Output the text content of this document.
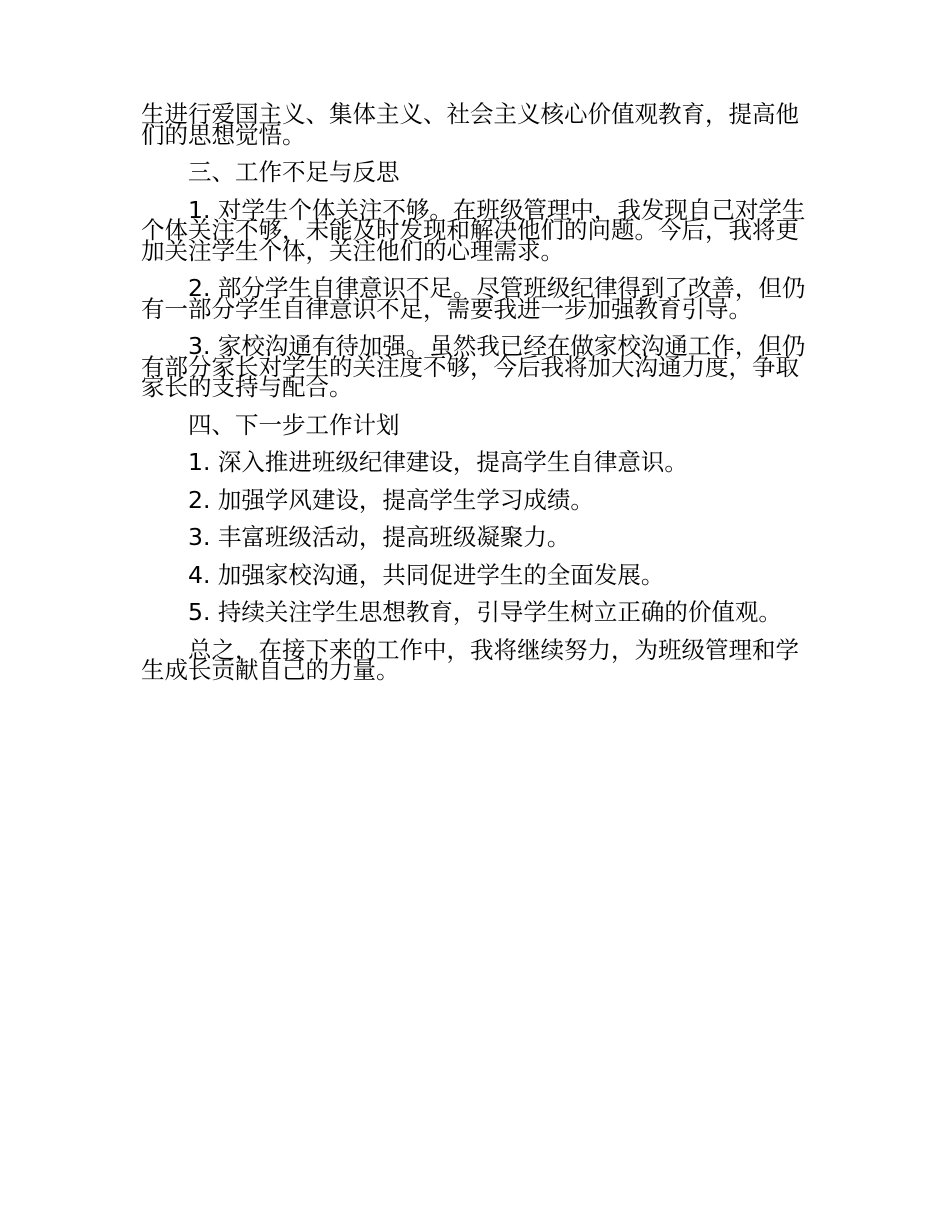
生进行爱国主义、集体主义、社会主义核心价值观教育，提高他们的思想觉悟。

三、工作不足与反思

1. 对学生个体关注不够。在班级管理中，我发现自己对学生个体关注不够，未能及时发现和解决他们的问题。今后，我将更加关注学生个体，关注他们的心理需求。

2. 部分学生自律意识不足。尽管班级纪律得到了改善，但仍有一部分学生自律意识不足，需要我进一步加强教育引导。

3. 家校沟通有待加强。虽然我已经在做家校沟通工作，但仍有部分家长对学生的关注度不够，今后我将加大沟通力度，争取家长的支持与配合。

四、下一步工作计划

1. 深入推进班级纪律建设，提高学生自律意识。

2. 加强学风建设，提高学生学习成绩。

3. 丰富班级活动，提高班级凝聚力。

4. 加强家校沟通，共同促进学生的全面发展。

5. 持续关注学生思想教育，引导学生树立正确的价值观。

总之，在接下来的工作中，我将继续努力，为班级管理和学生成长贡献自己的力量。
